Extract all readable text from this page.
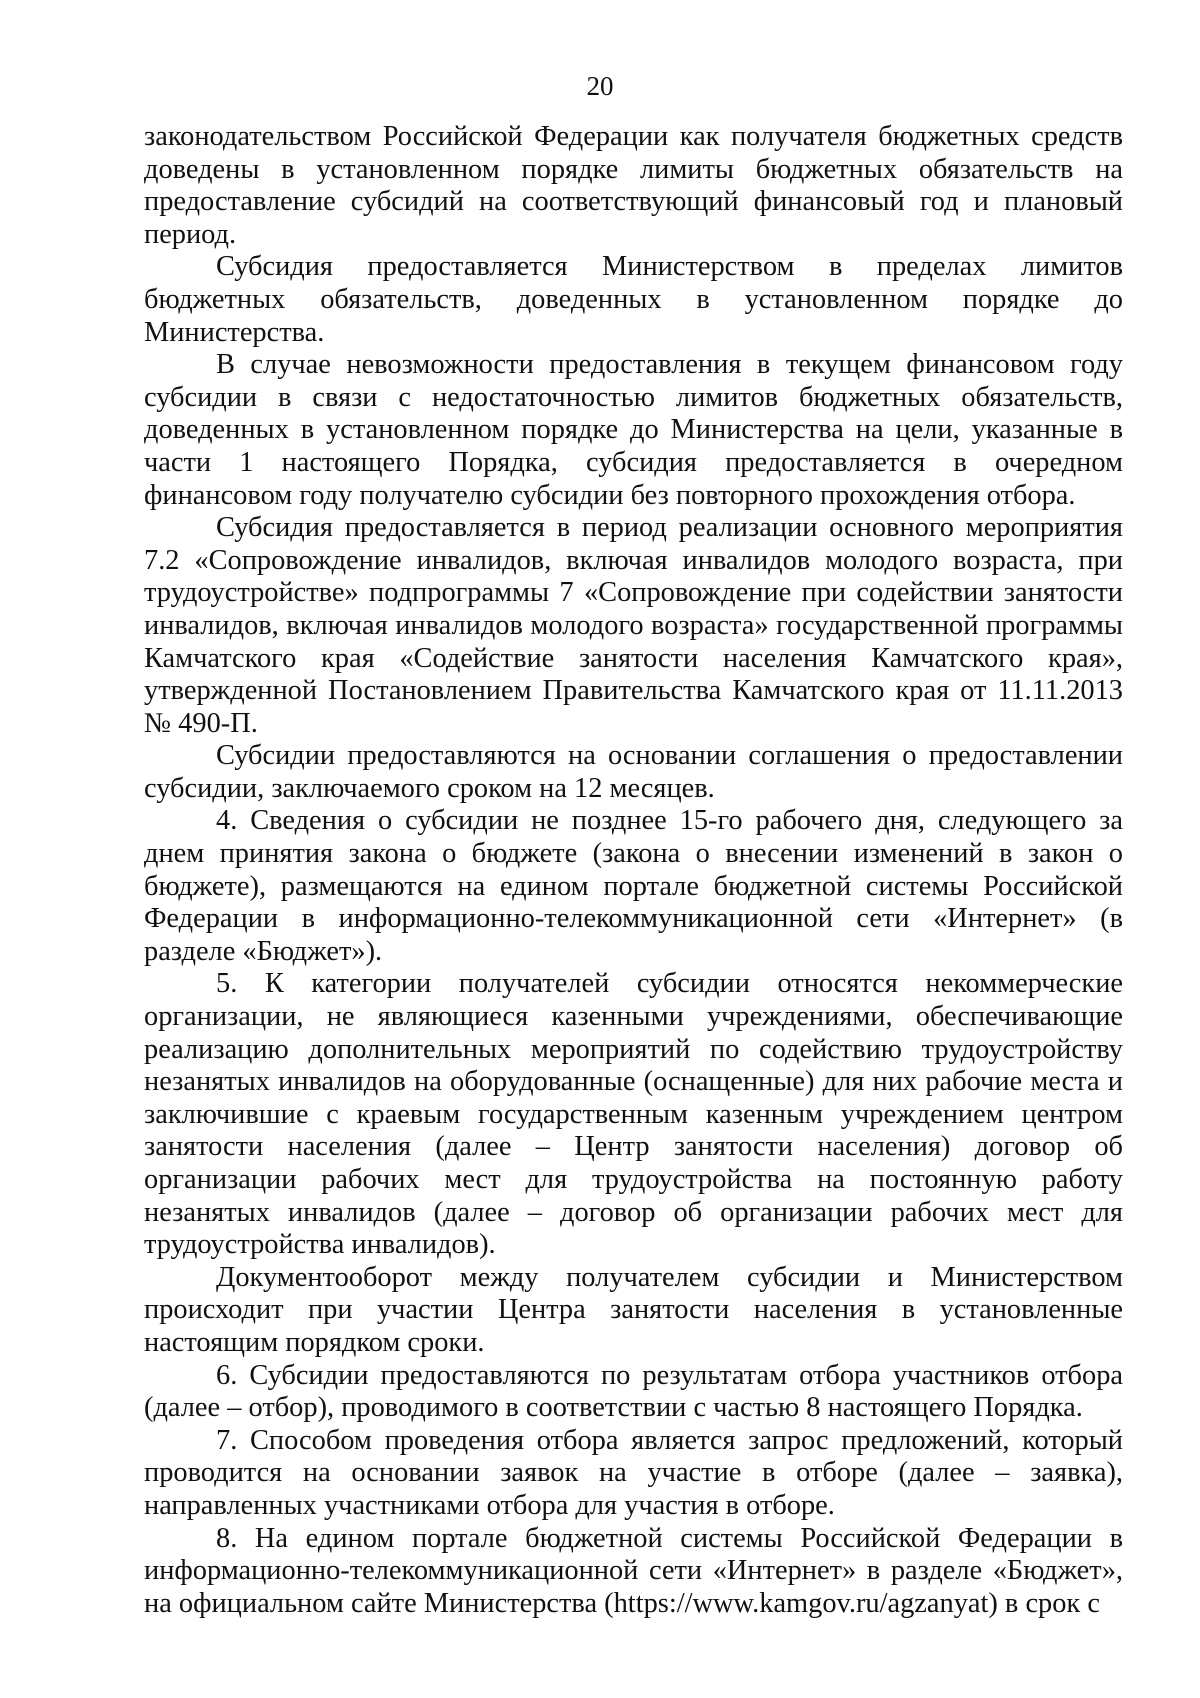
20

законодательством Российской Федерации как получателя бюджетных средств доведены в установленном порядке лимиты бюджетных обязательств на предоставление субсидий на соответствующий финансовый год и плановый период.

Субсидия предоставляется Министерством в пределах лимитов бюджетных обязательств, доведенных в установленном порядке до Министерства.

В случае невозможности предоставления в текущем финансовом году субсидии в связи с недостаточностью лимитов бюджетных обязательств, доведенных в установленном порядке до Министерства на цели, указанные в части 1 настоящего Порядка, субсидия предоставляется в очередном финансовом году получателю субсидии без повторного прохождения отбора.

Субсидия предоставляется в период реализации основного мероприятия 7.2 «Сопровождение инвалидов, включая инвалидов молодого возраста, при трудоустройстве» подпрограммы 7 «Сопровождение при содействии занятости инвалидов, включая инвалидов молодого возраста» государственной программы Камчатского края «Содействие занятости населения Камчатского края», утвержденной Постановлением Правительства Камчатского края от 11.11.2013 № 490-П.

Субсидии предоставляются на основании соглашения о предоставлении субсидии, заключаемого сроком на 12 месяцев.

4. Сведения о субсидии не позднее 15-го рабочего дня, следующего за днем принятия закона о бюджете (закона о внесении изменений в закон о бюджете), размещаются на едином портале бюджетной системы Российской Федерации в информационно-телекоммуникационной сети «Интернет» (в разделе «Бюджет»).

5. К категории получателей субсидии относятся некоммерческие организации, не являющиеся казенными учреждениями, обеспечивающие реализацию дополнительных мероприятий по содействию трудоустройству незанятых инвалидов на оборудованные (оснащенные) для них рабочие места и заключившие с краевым государственным казенным учреждением центром занятости населения (далее – Центр занятости населения) договор об организации рабочих мест для трудоустройства на постоянную работу незанятых инвалидов (далее – договор об организации рабочих мест для трудоустройства инвалидов).

Документооборот между получателем субсидии и Министерством происходит при участии Центра занятости населения в установленные настоящим порядком сроки.

6. Субсидии предоставляются по результатам отбора участников отбора (далее – отбор), проводимого в соответствии с частью 8 настоящего Порядка.

7. Способом проведения отбора является запрос предложений, который проводится на основании заявок на участие в отборе (далее – заявка), направленных участниками отбора для участия в отборе.

8. На едином портале бюджетной системы Российской Федерации в информационно-телекоммуникационной сети «Интернет» в разделе «Бюджет», на официальном сайте Министерства (https://www.kamgov.ru/agzanyat) в срок с
